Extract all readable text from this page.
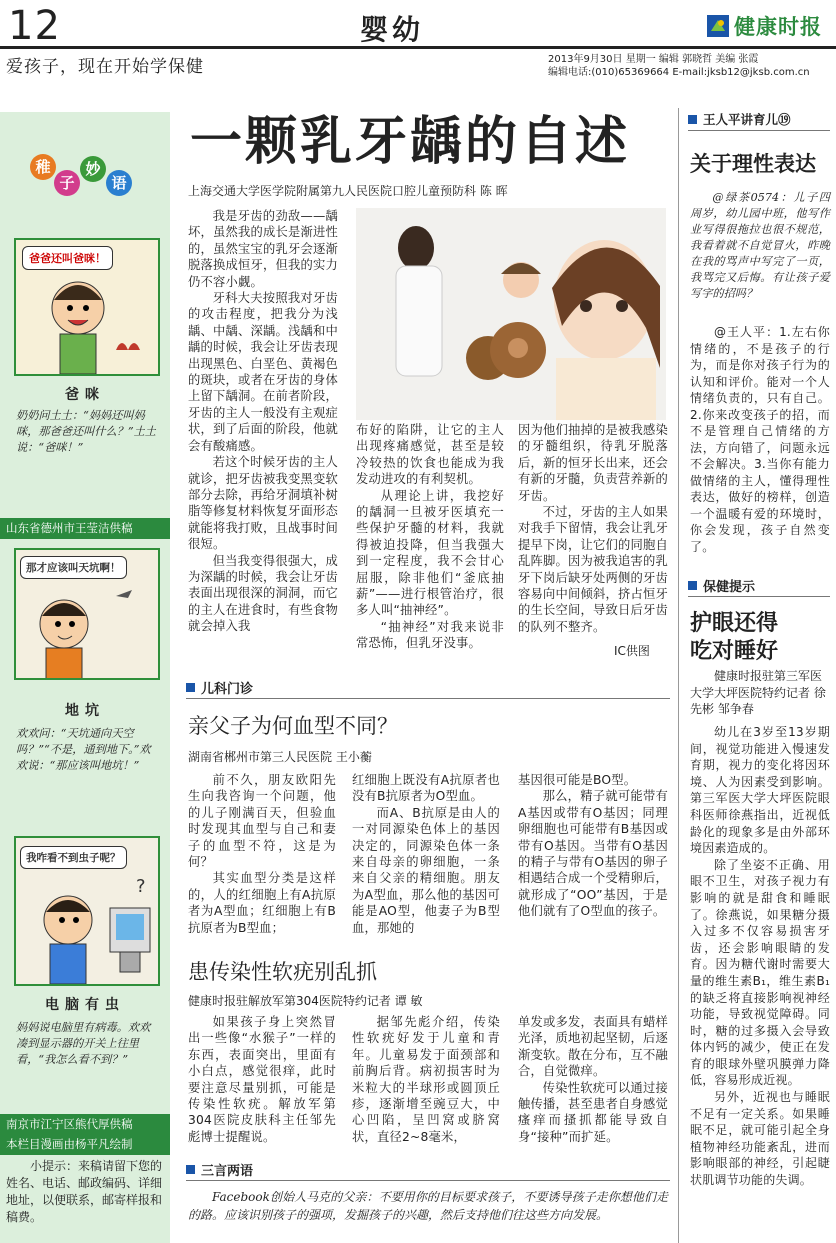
12	婴幼	健康时报
爱孩子，现在开始学保健	2013年9月30日 星期一 编辑 郭晓哲 美编 张霞
编辑电话:(010)65369664 E-mail:jksb12@jksb.com.cn
稚
子
妙
语
爸爸还叫爸咪！
爸咪
奶奶问土土：“妈妈还叫妈咪，那爸爸还叫什么？”土土说：“爸咪！”
山东省德州市王莹洁供稿
那才应该叫天坑啊！
地坑
欢欢问：“天坑通向天空吗？”“不是，通到地下。”欢欢说：“那应该叫地坑！”
我咋看不到虫子呢？
?
电脑有虫
妈妈说电脑里有病毒。欢欢凑到显示器的开关上往里看，“我怎么看不到？”
南京市江宁区熊代厚供稿
本栏目漫画由杨平凡绘制
小提示：来稿请留下您的姓名、电话、邮政编码、详细地址，以便联系，邮寄样报和稿费。
一颗乳牙龋的自述
上海交通大学医学院附属第九人民医院口腔儿童预防科 陈 晖

我是牙齿的劲敌——龋坏，虽然我的成长是渐进性的，虽然宝宝的乳牙会逐渐脱落换成恒牙，但我的实力仍不容小觑。

牙科大夫按照我对牙齿的攻击程度，把我分为浅龋、中龋、深龋。浅龋和中龋的时候，我会让牙齿表现出现黑色、白垩色、黄褐色的斑块，或者在牙齿的身体上留下龋洞。在前者阶段，牙齿的主人一般没有主观症状，到了后面的阶段，他就会有酸痛感。

若这个时候牙齿的主人就诊，把牙齿被我变黑变软部分去除，再给牙洞填补树脂等修复材料恢复牙面形态就能将我打败，且战事时间很短。

但当我变得很强大，成为深龋的时候，我会让牙齿表面出现很深的洞洞，而它的主人在进食时，有些食物就会掉入我

布好的陷阱，让它的主人出现疼痛感觉，甚至是较冷较热的饮食也能成为我发动进攻的有利契机。

从理论上讲，我挖好的龋洞一旦被牙医填充一些保护牙髓的材料，我就得被迫投降，但当我强大到一定程度，我不会甘心屈服，除非他们“釜底抽薪”——进行根管治疗，很多人叫“抽神经”。

“抽神经”对我来说非常恐怖，但乳牙没事。

因为他们抽掉的是被我感染的牙髓组织，待乳牙脱落后，新的恒牙长出来，还会有新的牙髓，负责营养新的牙齿。

不过，牙齿的主人如果对我手下留情，我会让乳牙提早下岗，让它们的同胞自乱阵脚。因为被我追害的乳牙下岗后缺牙处两侧的牙齿容易向中间倾斜，挤占恒牙的生长空间，导致日后牙齿的队列不整齐。

IC供图
儿科门诊
亲父子为何血型不同？
湖南省郴州市第三人民医院 王小蘅

前不久，朋友欧阳先生向我咨询一个问题，他的儿子刚满百天，但验血时发现其血型与自己和妻子的血型不符，这是为何？

其实血型分类是这样的，人的红细胞上有A抗原者为A型血；红细胞上有B抗原者为B型血；

红细胞上既没有A抗原者也没有B抗原者为O型血。

而A、B抗原是由人的一对同源染色体上的基因决定的，同源染色体一条来自母亲的卵细胞，一条来自父亲的精细胞。朋友为A型血，那么他的基因可能是AO型，他妻子为B型血，那她的

基因很可能是BO型。

那么，精子就可能带有A基因或带有O基因；同理卵细胞也可能带有B基因或带有O基因。当带有O基因的精子与带有O基因的卵子相遇结合成一个受精卵后，就形成了“OO”基因，于是他们就有了O型血的孩子。

患传染性软疣别乱抓
健康时报驻解放军第304医院特约记者 谭 敏

如果孩子身上突然冒出一些像“水猴子”一样的东西，表面突出，里面有小白点，感觉很痒，此时要注意尽量别抓，可能是传染性软疣。解放军第304医院皮肤科主任邹先彪博士提醒说。

据邹先彪介绍，传染性软疣好发于儿童和青年。儿童易发于面颈部和前胸后背。病初损害时为米粒大的半球形或圆顶丘疹，逐渐增至豌豆大，中心凹陷，呈凹窝或脐窝状，直径2~8毫米，

单发或多发，表面具有蜡样光泽，质地初起坚韧，后逐渐变软。散在分布，互不融合，自觉微痒。

传染性软疣可以通过接触传播，甚至患者自身感觉瘙痒而搔抓都能导致自身“接种”而扩延。

三言两语
Facebook创始人马克的父亲：不要用你的目标要求孩子，不要诱导孩子走你想他们走的路。应该识别孩子的强项，发掘孩子的兴趣，然后支持他们往这些方向发展。
王人平讲育儿⑲
关于理性表达
@绿茶0574：儿子四周岁，幼儿园中班，他写作业写得很拖拉也很不规范，我看着就不自觉冒火，昨晚在我的骂声中写完了一页，我骂完又后悔。有让孩子爱写字的招吗？

@王人平：1.左右你情绪的，不是孩子的行为，而是你对孩子行为的认知和评价。能对一个人情绪负责的，只有自己。2.你来改变孩子的招，而不是管理自己情绪的方法，方向错了，问题永远不会解决。3.当你有能力做情绪的主人，懂得理性表达，做好的榜样，创造一个温暖有爱的环境时，你会发现，孩子自然变了。

保健提示
护眼还得
吃对睡好
健康时报驻第三军医大学大坪医院特约记者 徐先彬 邹争春

幼儿在3岁至13岁期间，视觉功能进入慢速发育期，视力的变化将因环境、人为因素受到影响。第三军医大学大坪医院眼科医师徐燕指出，近视低龄化的现象多是由外部环境因素造成的。

除了坐姿不正确、用眼不卫生，对孩子视力有影响的就是甜食和睡眠了。徐燕说，如果糖分摄入过多不仅容易损害牙齿，还会影响眼睛的发育。因为糖代谢时需要大量的维生素B₁，维生素B₁的缺乏将直接影响视神经功能，导致视觉障碍。同时，糖的过多摄入会导致体内钙的减少，使正在发育的眼球外壁巩膜弹力降低，容易形成近视。

另外，近视也与睡眠不足有一定关系。如果睡眠不足，就可能引起全身植物神经功能紊乱，进而影响眼部的神经，引起睫状肌调节功能的失调。
